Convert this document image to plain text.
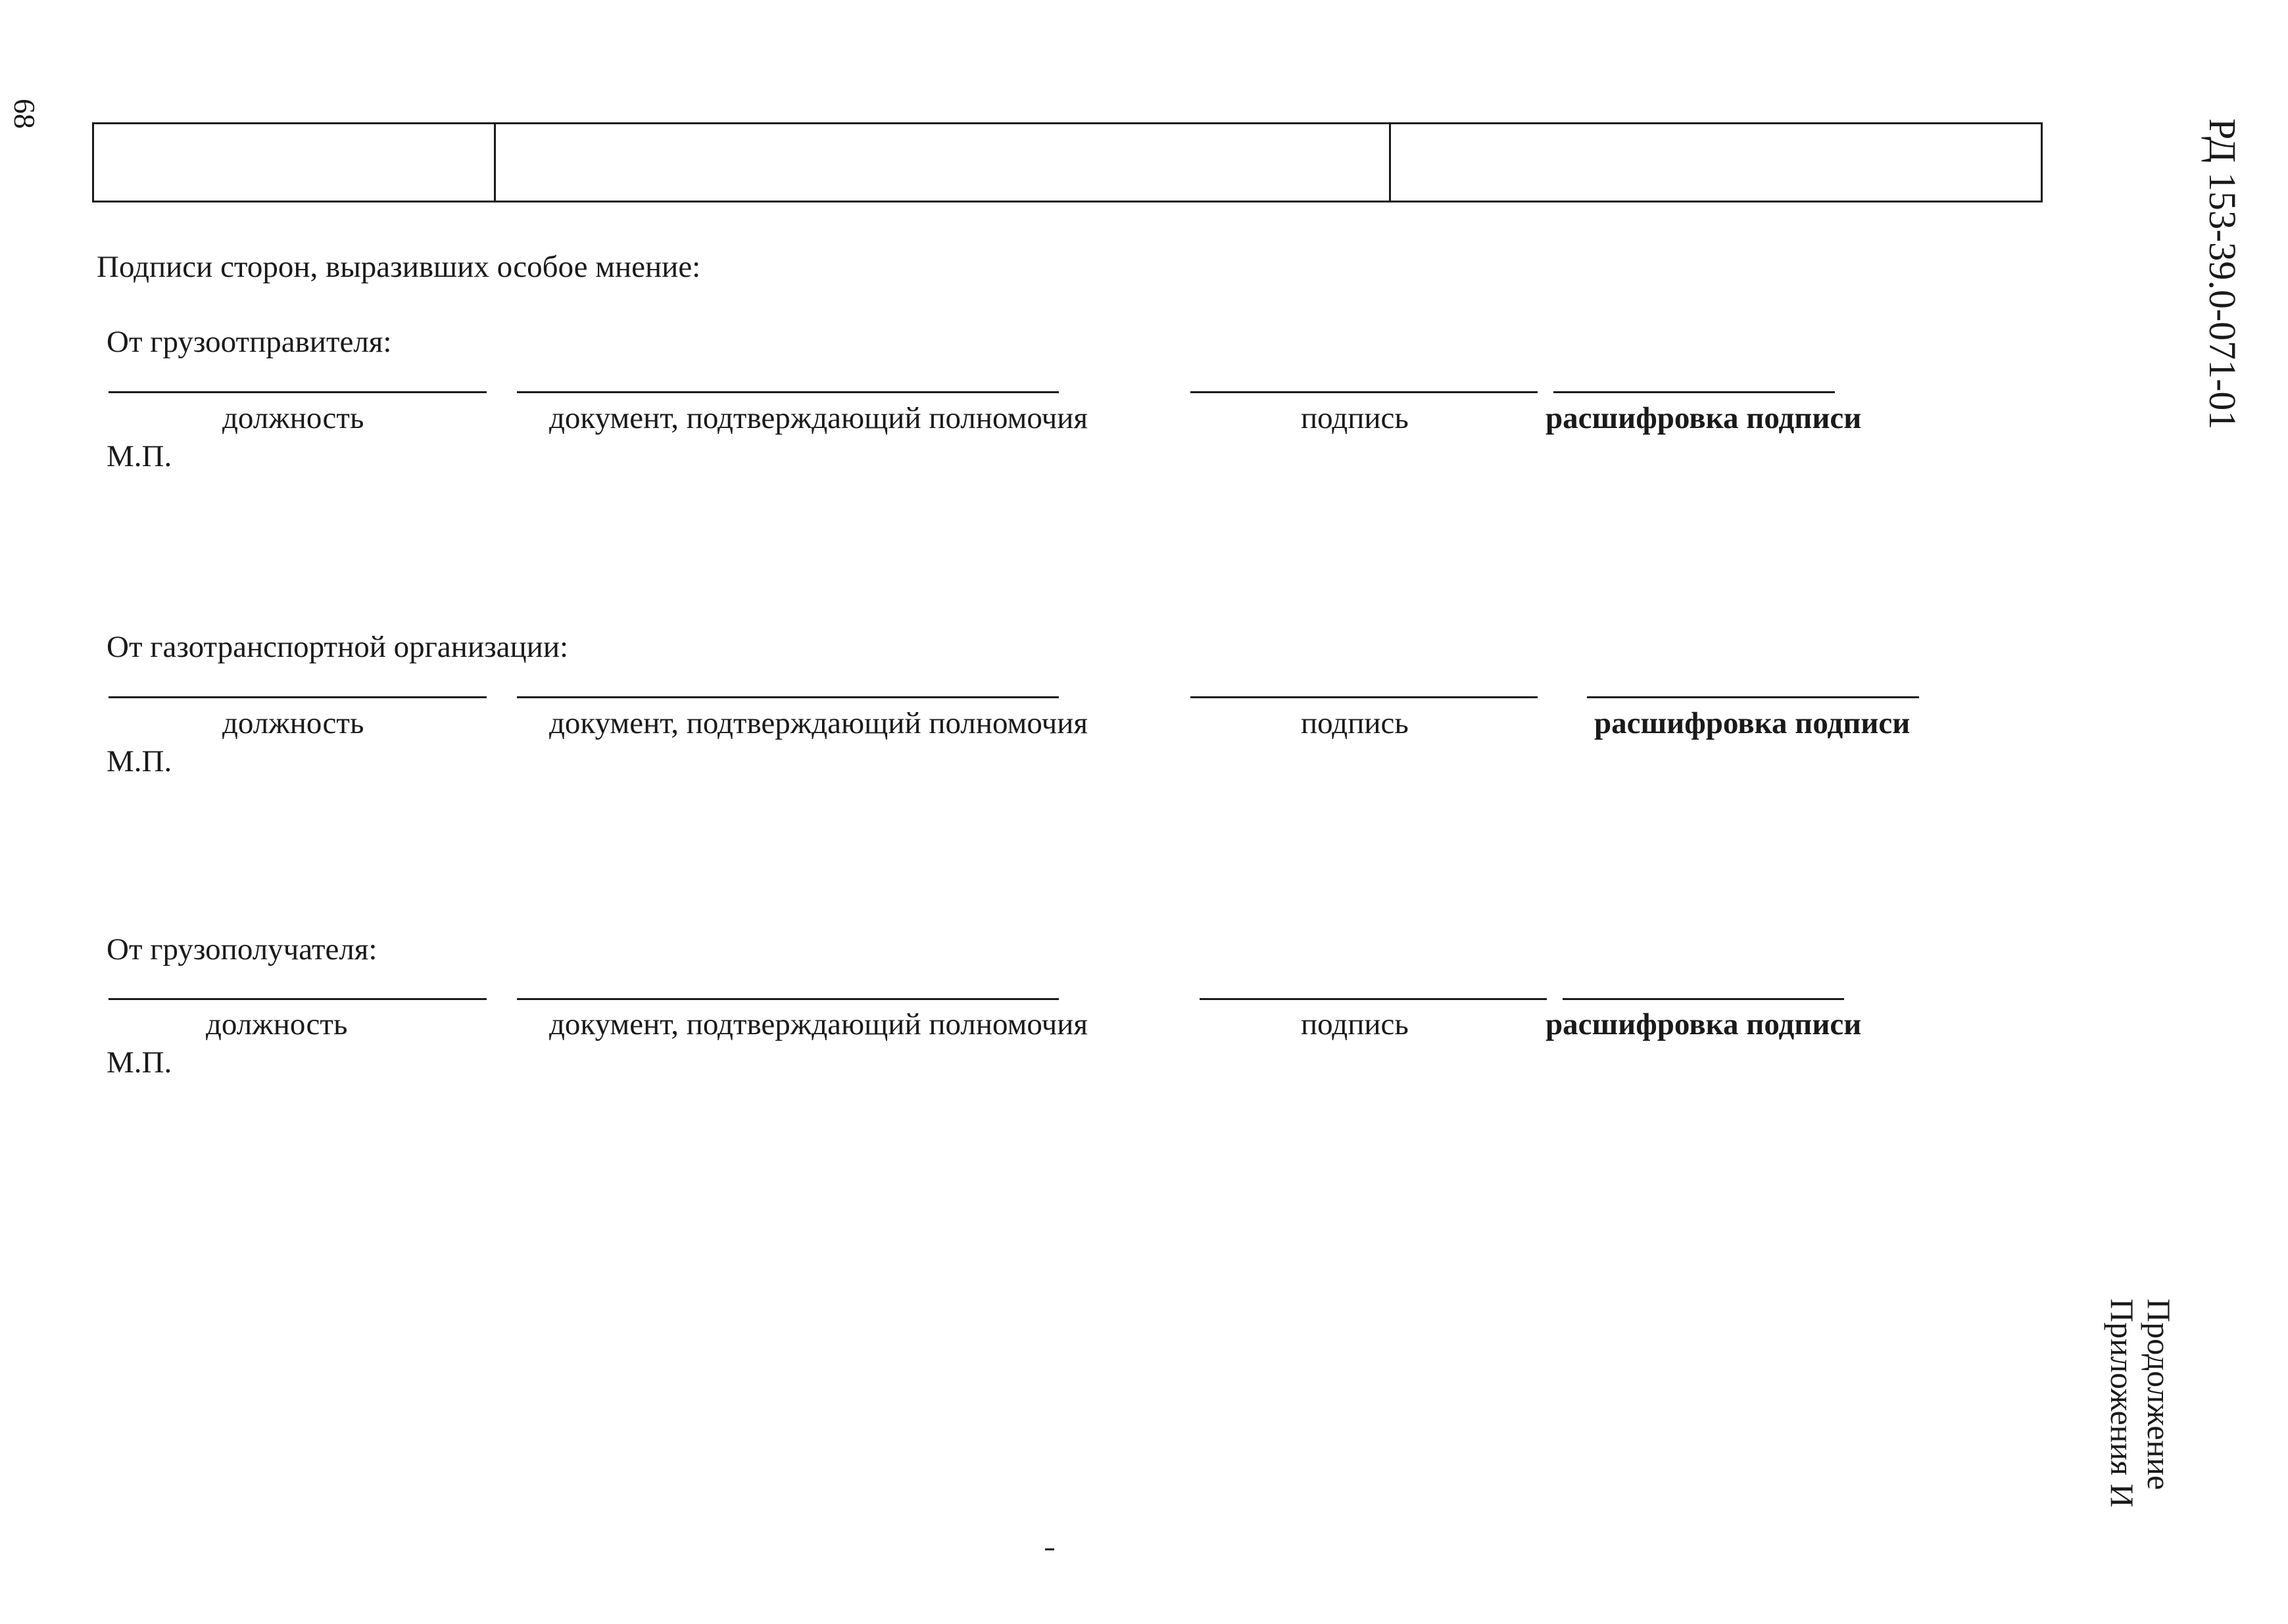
68
РД 153-39.0-071-01
Продолжение
Приложения И
Подписи сторон, выразивших особое мнение:
От грузоотправителя:
должность	документ, подтверждающий полномочия	подпись	расшифровка подписи
М.П.
От газотранспортной организации:
должность	документ, подтверждающий полномочия	подпись	расшифровка подписи
М.П.
От грузополучателя:
должность	документ, подтверждающий полномочия	подпись	расшифровка подписи
М.П.
